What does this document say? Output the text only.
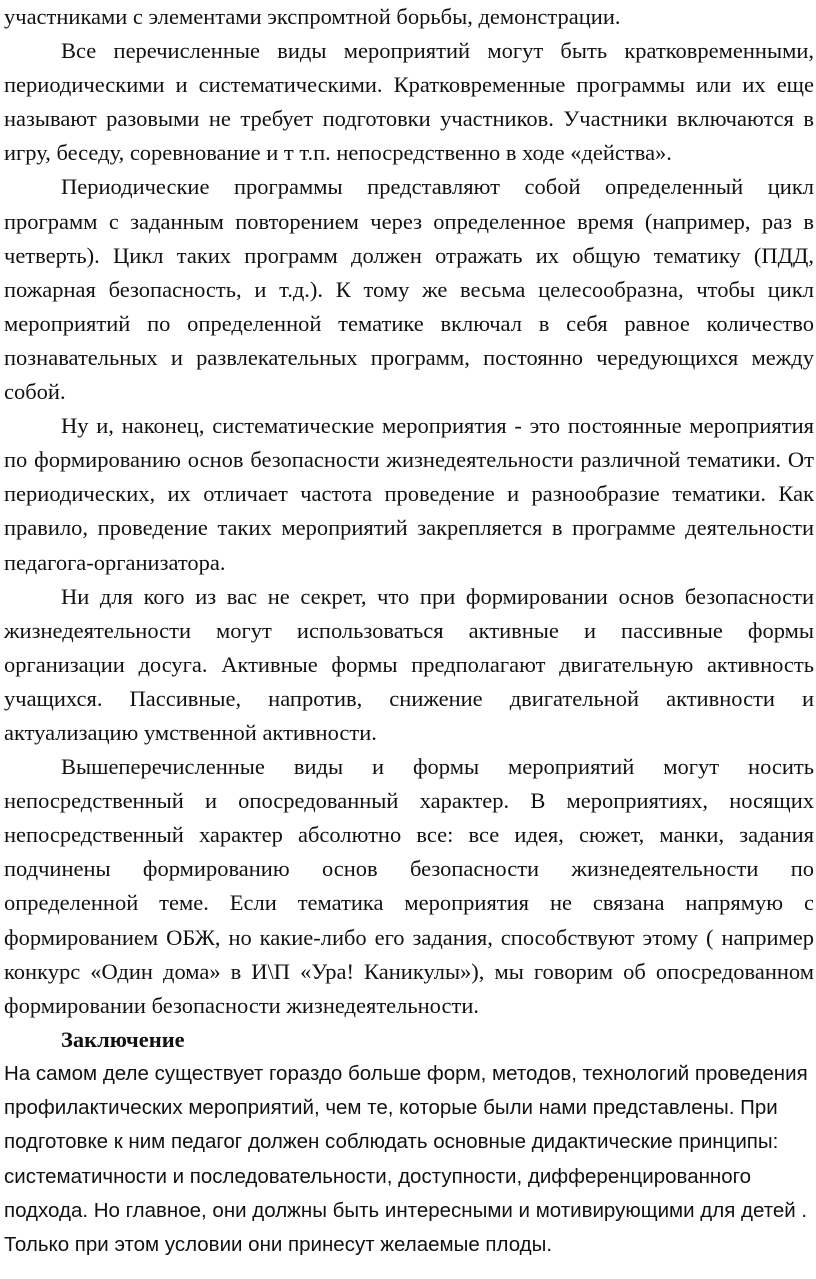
участниками с элементами экспромтной борьбы, демонстрации.

Все перечисленные виды мероприятий могут быть кратковременными, периодическими и систематическими. Кратковременные программы или их еще называют разовыми не требует подготовки участников. Участники включаются в игру, беседу, соревнование и т т.п. непосредственно в ходе «действа».

Периодические программы представляют собой определенный цикл программ с заданным повторением через определенное время (например, раз в четверть). Цикл таких программ должен отражать их общую тематику (ПДД, пожарная безопасность, и т.д.). К тому же весьма целесообразна, чтобы цикл мероприятий по определенной тематике включал в себя равное количество познавательных и развлекательных программ, постоянно чередующихся между собой.

Ну и, наконец, систематические мероприятия - это постоянные мероприятия по формированию основ безопасности жизнедеятельности различной тематики. От периодических, их отличает частота проведение и разнообразие тематики. Как правило, проведение таких мероприятий закрепляется в программе деятельности педагога-организатора.

Ни для кого из вас не секрет, что при формировании основ безопасности жизнедеятельности могут использоваться активные и пассивные формы организации досуга. Активные формы предполагают двигательную активность учащихся. Пассивные, напротив, снижение двигательной активности и актуализацию умственной активности.

Вышеперечисленные виды и формы мероприятий могут носить непосредственный и опосредованный характер. В мероприятиях, носящих непосредственный характер абсолютно все: все идея, сюжет, манки, задания подчинены формированию основ безопасности жизнедеятельности по определенной теме. Если тематика мероприятия не связана напрямую с формированием ОБЖ, но какие-либо его задания, способствуют этому ( например конкурс «Один дома» в И\П «Ура! Каникулы»), мы говорим об опосредованном формировании безопасности жизнедеятельности.

Заключение

На самом деле существует гораздо больше форм, методов, технологий проведения профилактических мероприятий, чем те, которые были нами представлены. При подготовке к ним педагог должен соблюдать основные дидактические принципы: систематичности и последовательности, доступности, дифференцированного подхода. Но главное, они должны быть интересными и мотивирующими для детей . Только при этом условии они принесут желаемые плоды.
